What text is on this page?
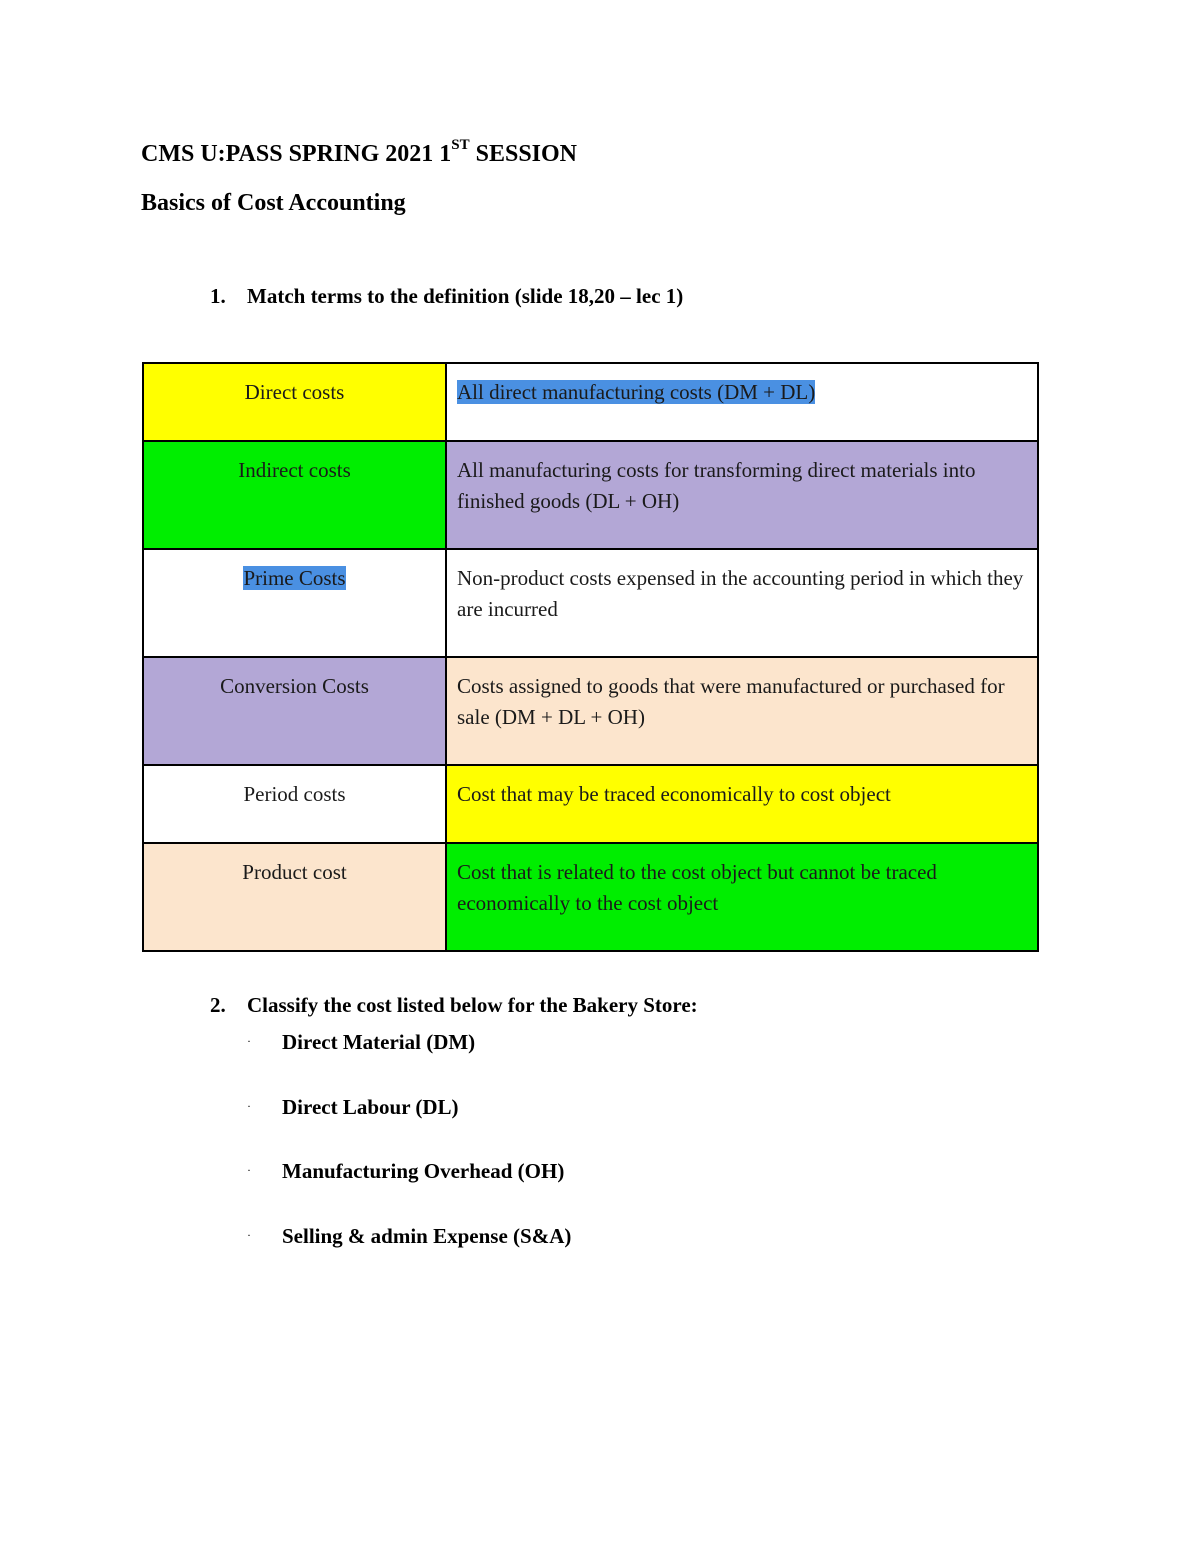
CMS U:PASS SPRING 2021 1ST SESSION
Basics of Cost Accounting
1. Match terms to the definition (slide 18,20 – lec 1)
Direct costs	All direct manufacturing costs (DM + DL)
Indirect costs	All manufacturing costs for transforming direct materials into finished goods (DL + OH)
Prime Costs	Non-product costs expensed in the accounting period in which they are incurred
Conversion Costs	Costs assigned to goods that were manufactured or purchased for sale (DM + DL + OH)
Period costs	Cost that may be traced economically to cost object
Product cost	Cost that is related to the cost object but cannot be traced economically to the cost object
2. Classify the cost listed below for the Bakery Store:
·	Direct Material (DM)
·	Direct Labour (DL)
·	Manufacturing Overhead (OH)
·	Selling & admin Expense (S&A)
